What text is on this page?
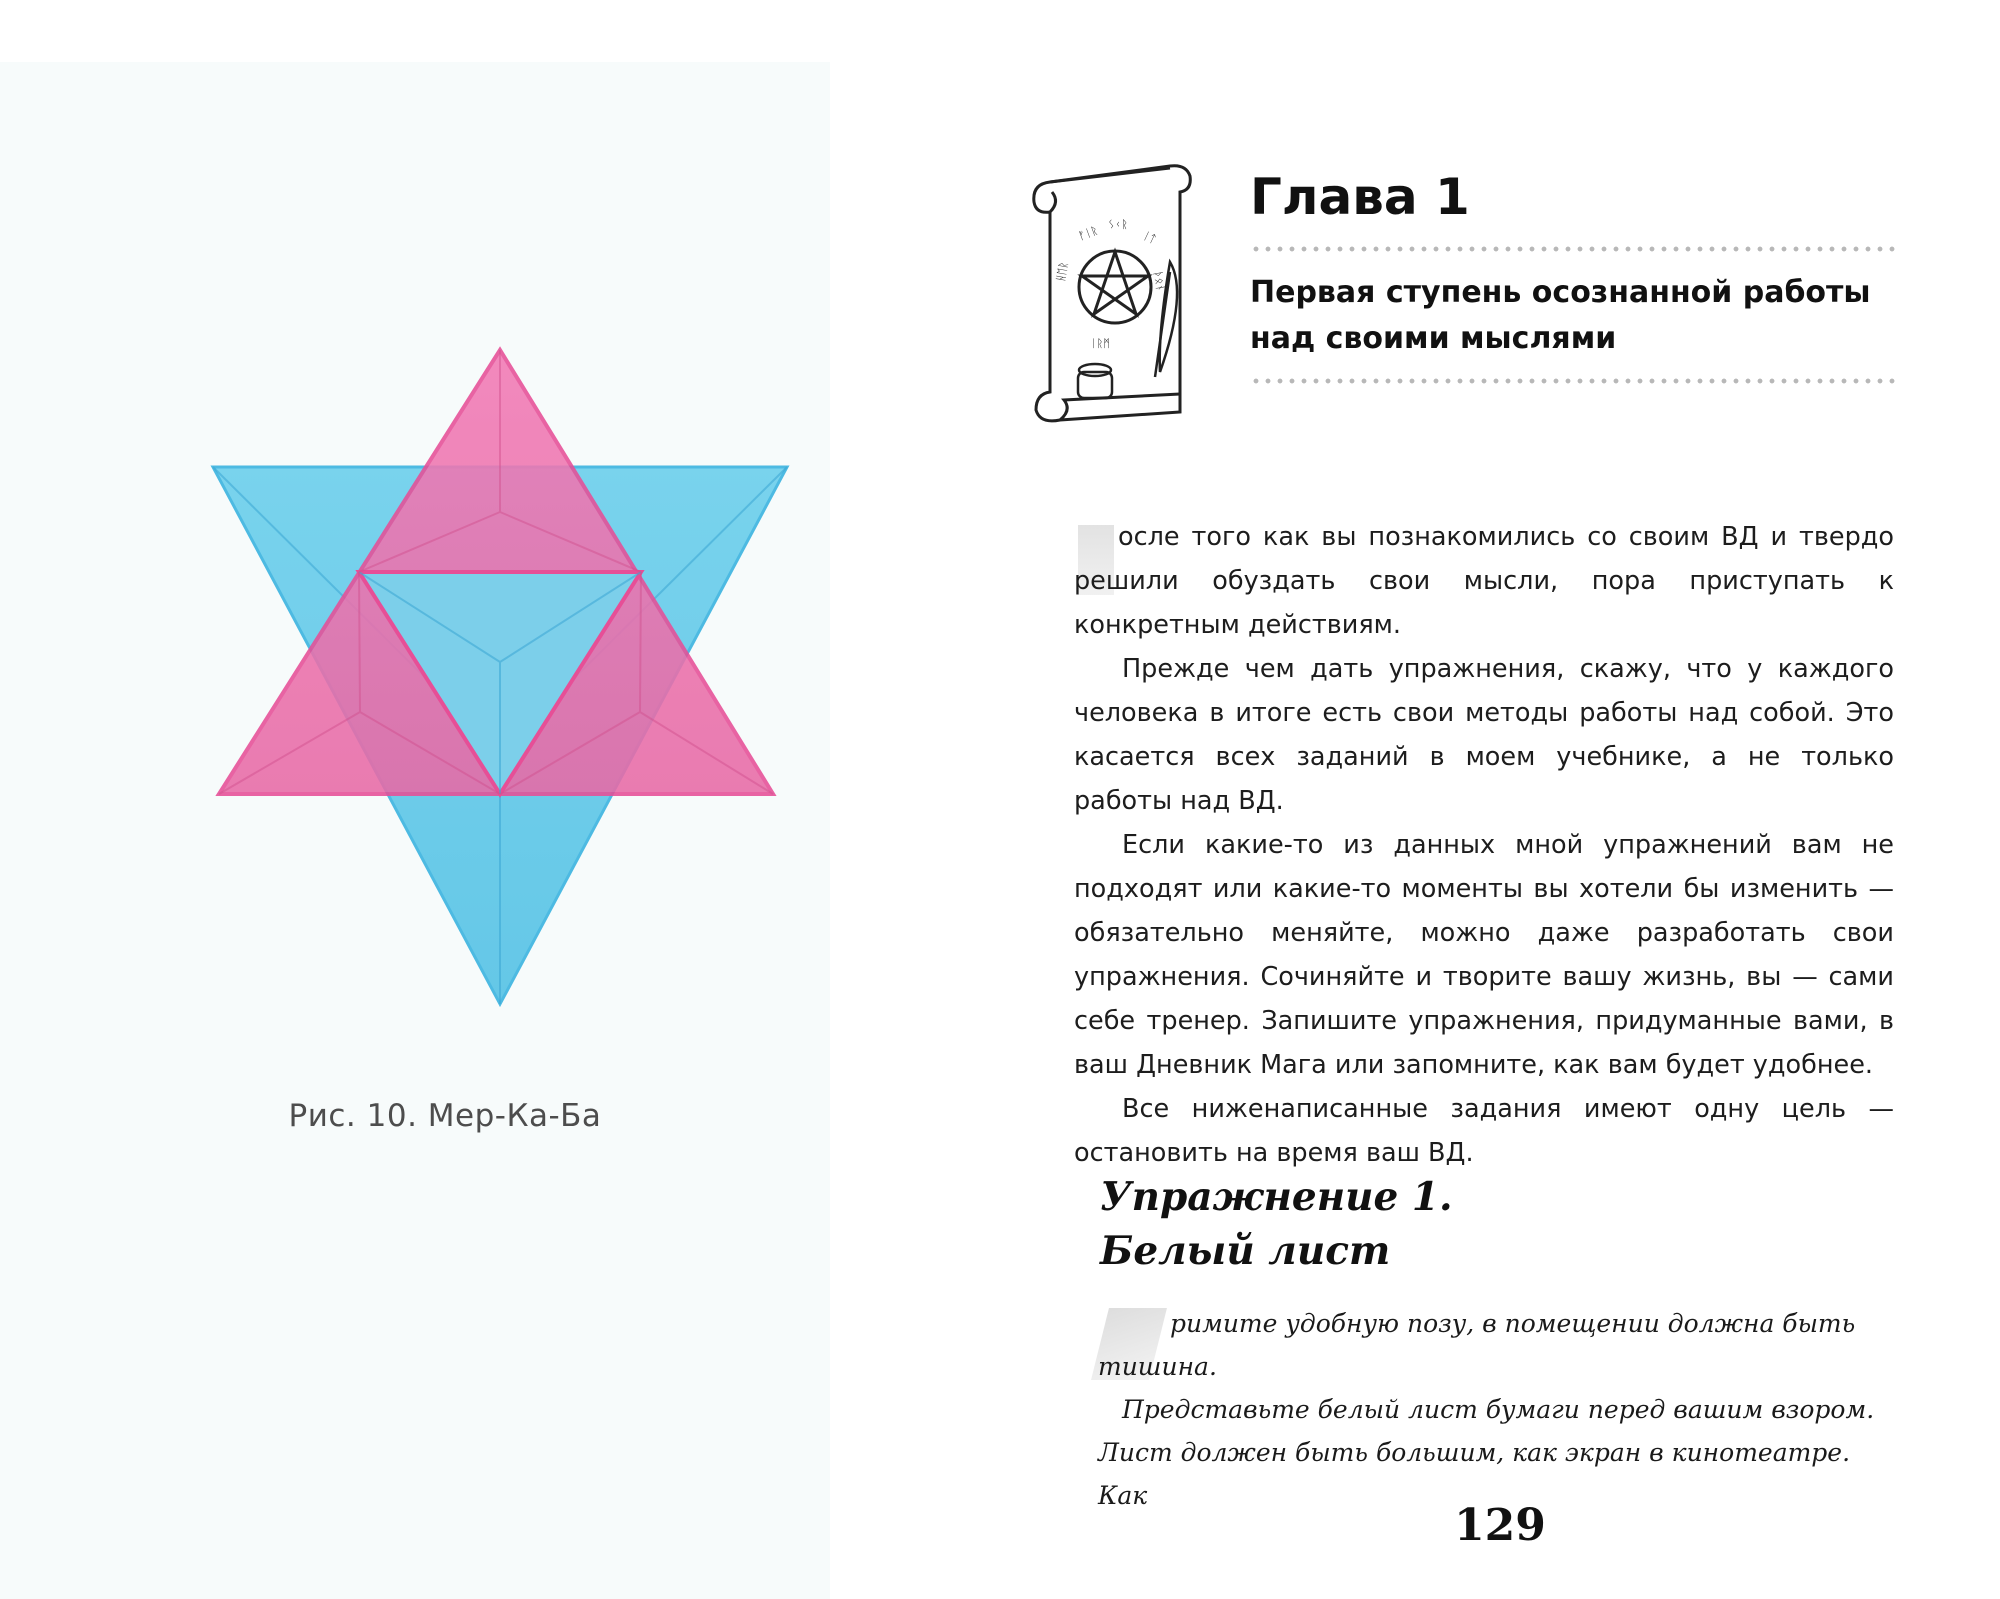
Рис. 10. Мер-Ка-Ба
ᚠᛁᚱ ᛊᚲᚱ
ᛁᛏ
ᚺᛖᚱ	ᚦᛟᚾ
ᛁᚱᛗ
Глава 1
Первая ступень осознанной работы над своими мыслями

осле того как вы познакомились со своим ВД и твердо решили обуздать свои мысли, пора приступать к конкретным действиям.

Прежде чем дать упражнения, скажу, что у каждого человека в итоге есть свои методы работы над собой. Это касается всех заданий в моем учебнике, а не только работы над ВД.

Если какие-то из данных мной упражнений вам не подходят или какие-то моменты вы хотели бы изменить — обязательно меняйте, можно даже разработать свои упражнения. Сочиняйте и творите вашу жизнь, вы — сами себе тренер. Запишите упражнения, придуманные вами, в ваш Дневник Мага или запомните, как вам будет удобнее.

Все ниженаписанные задания имеют одну цель — остановить на время ваш ВД.

Упражнение 1.
Белый лист

римите удобную позу, в помещении должна быть тишина.

Представьте белый лист бумаги перед вашим взором. Лист должен быть большим, как экран в кинотеатре. Как

129
